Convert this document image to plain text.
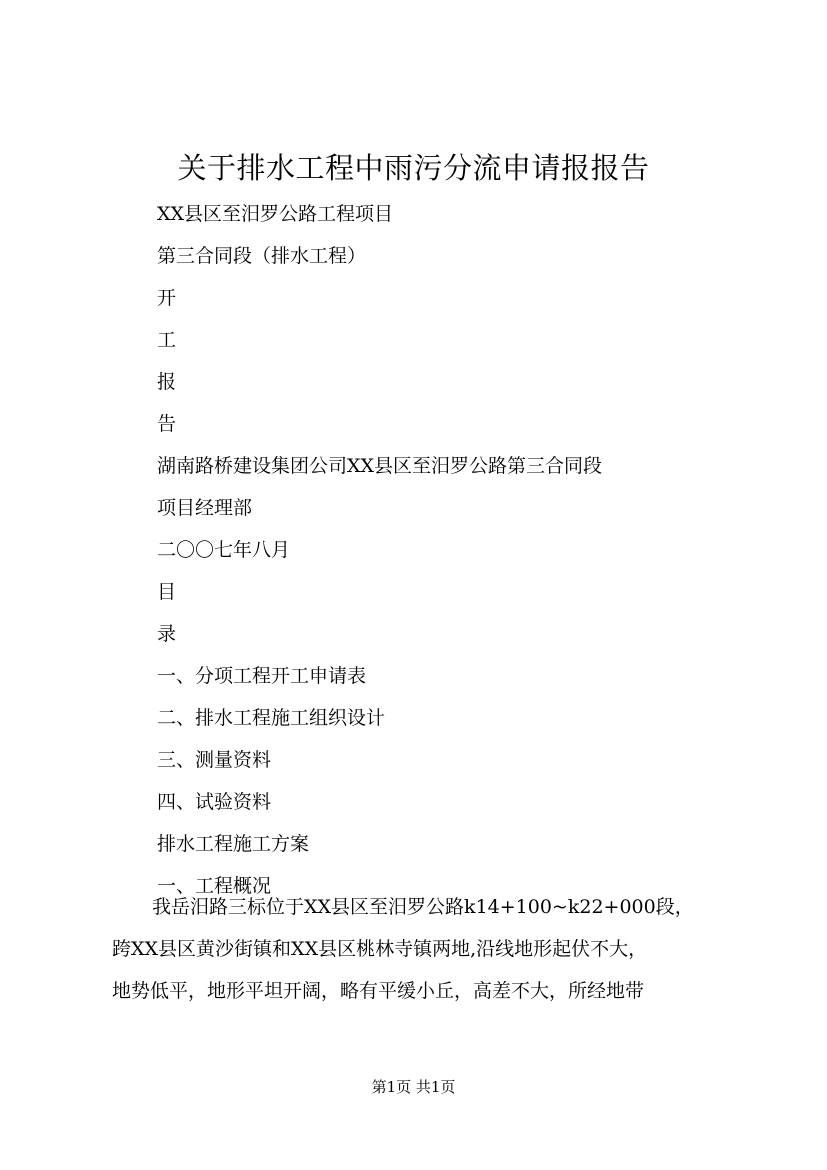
关于排水工程中雨污分流申请报报告
XX县区至汨罗公路工程项目
第三合同段（排水工程）
开
工
报
告
湖南路桥建设集团公司XX县区至汨罗公路第三合同段
项目经理部
二〇〇七年八月
目
录
一、分项工程开工申请表
二、排水工程施工组织设计
三、测量资料
四、试验资料
排水工程施工方案
一、工程概况
我岳汨路三标位于XX县区至汨罗公路k14+100~k22+000段，
跨XX县区黄沙街镇和XX县区桃林寺镇两地,沿线地形起伏不大，
地势低平，地形平坦开阔，略有平缓小丘，高差不大，所经地带
第1页 共1页
